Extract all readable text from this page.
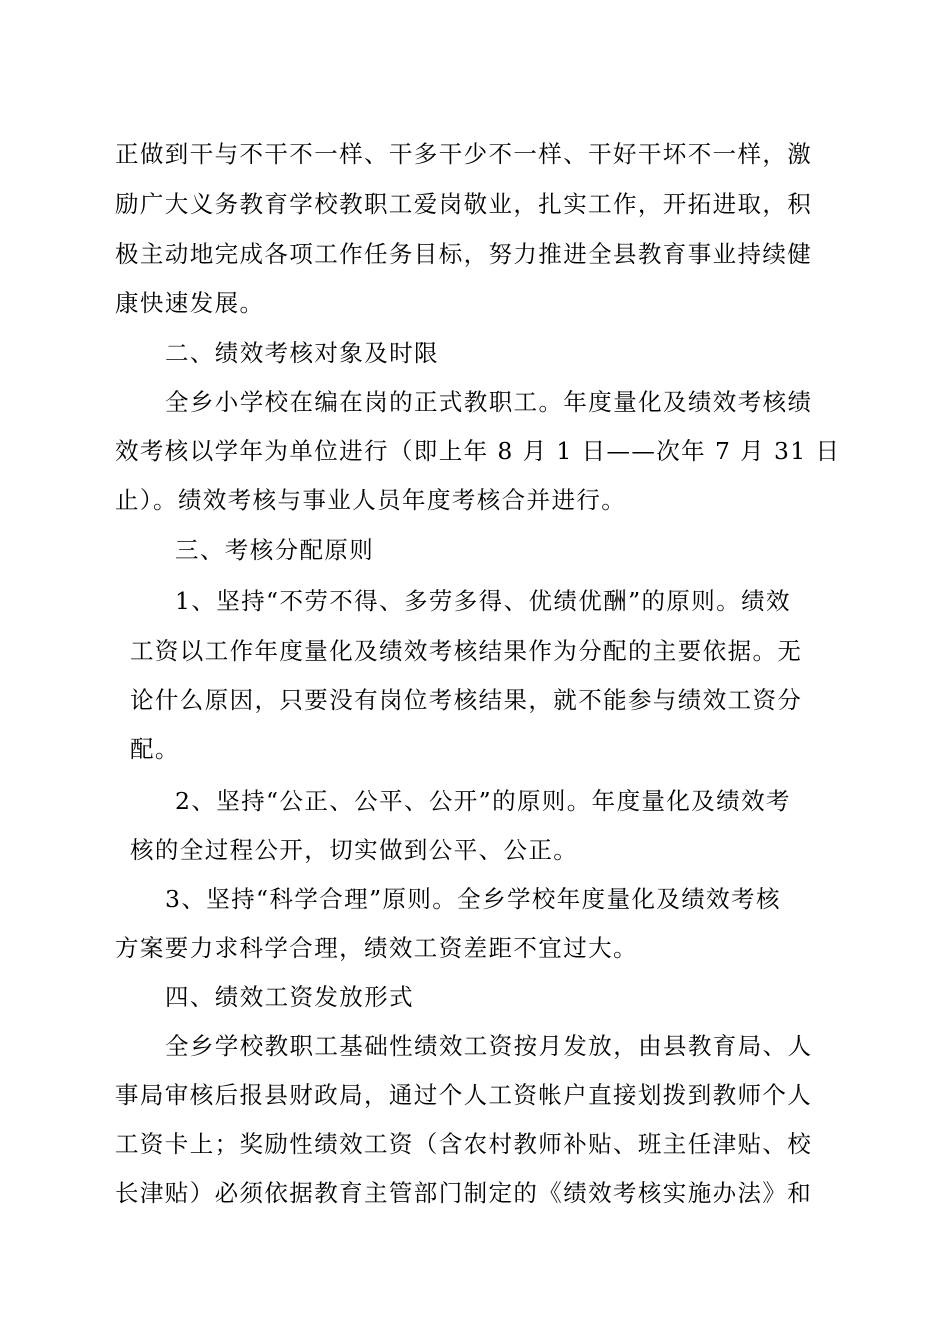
正做到干与不干不一样、干多干少不一样、干好干坏不一样，激
励广大义务教育学校教职工爱岗敬业，扎实工作，开拓进取，积
极主动地完成各项工作任务目标，努力推进全县教育事业持续健
康快速发展。
二、绩效考核对象及时限
全乡小学校在编在岗的正式教职工。年度量化及绩效考核绩
效考核以学年为单位进行（即上年 8 月 1 日——次年 7 月 31 日
止）。绩效考核与事业人员年度考核合并进行。
三、考核分配原则
1、坚持“不劳不得、多劳多得、优绩优酬”的原则。绩效
工资以工作年度量化及绩效考核结果作为分配的主要依据。无
论什么原因，只要没有岗位考核结果，就不能参与绩效工资分
配。
2、坚持“公正、公平、公开”的原则。年度量化及绩效考
核的全过程公开，切实做到公平、公正。
3、坚持“科学合理”原则。全乡学校年度量化及绩效考核
方案要力求科学合理，绩效工资差距不宜过大。
四、绩效工资发放形式
全乡学校教职工基础性绩效工资按月发放，由县教育局、人
事局审核后报县财政局，通过个人工资帐户直接划拨到教师个人
工资卡上；奖励性绩效工资（含农村教师补贴、班主任津贴、校
长津贴）必须依据教育主管部门制定的《绩效考核实施办法》和
